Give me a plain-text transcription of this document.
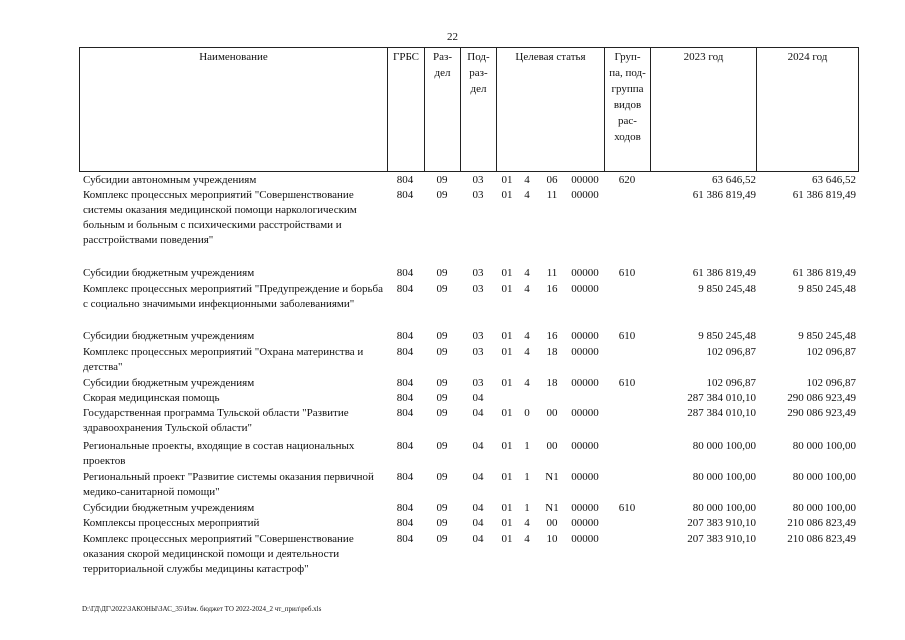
22
Наименование	ГРБС	Раз-
дел
Под-
раз-
дел
Целевая статья	Груп-
па, под-
группа
видов
рас-
ходов
2023 год	2024 год
Субсидии автономным учреждениям	804	09	03	01	4	06	00000	620	63 646,52	63 646,52
Комплекс процессных мероприятий "Совершенствование системы оказания медицинской помощи наркологическим больным и больным с психическими расстройствами и расстройствами поведения"
804	09	03	01	4	11	00000	61 386 819,49	61 386 819,49
Субсидии бюджетным учреждениям	804	09	03	01	4	11	00000	610	61 386 819,49	61 386 819,49
Комплекс процессных мероприятий "Предупреждение и борьба с социально значимыми инфекционными заболеваниями"
804	09	03	01	4	16	00000	9 850 245,48	9 850 245,48
Субсидии бюджетным учреждениям	804	09	03	01	4	16	00000	610	9 850 245,48	9 850 245,48
Комплекс процессных мероприятий "Охрана материнства и детства"
804	09	03	01	4	18	00000	102 096,87	102 096,87
Субсидии бюджетным учреждениям	804	09	03	01	4	18	00000	610	102 096,87	102 096,87
Скорая медицинская помощь	804	09	04	287 384 010,10	290 086 923,49
Государственная программа Тульской области "Развитие здравоохранения Тульской области"
804	09	04	01	0	00	00000	287 384 010,10	290 086 923,49
Региональные проекты, входящие в состав национальных проектов
804	09	04	01	1	00	00000	80 000 100,00	80 000 100,00
Региональный проект "Развитие системы оказания первичной медико-санитарной помощи"
804	09	04	01	1	N1	00000	80 000 100,00	80 000 100,00
Субсидии бюджетным учреждениям	804	09	04	01	1	N1	00000	610	80 000 100,00	80 000 100,00
Комплексы процессных мероприятий	804	09	04	01	4	00	00000	207 383 910,10	210 086 823,49
Комплекс процессных мероприятий "Совершенствование оказания скорой медицинской помощи и деятельности территориальной службы медицины катастроф"
804	09	04	01	4	10	00000	207 383 910,10	210 086 823,49
D:\ГД\ДГ\2022\ЗАКОНЫ\ЗАС_35\Изм. бюджет ТО 2022-2024_2 чт_прил\реб.xls
